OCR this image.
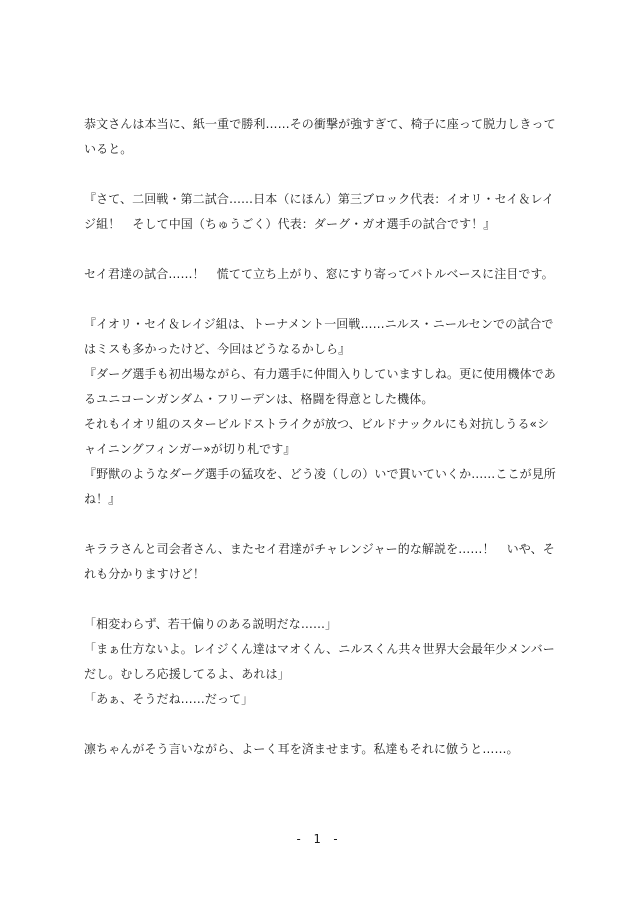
恭文さんは本当に、紙一重で勝利……その衝撃が強すぎて、椅子に座って脱力しきって
いると。
『さて、二回戦・第二試合……日本（にほん）第三ブロック代表：イオリ・セイ＆レイ
ジ組！　そして中国（ちゅうごく）代表：ダーグ・ガオ選手の試合です！』
セイ君達の試合……！　慌てて立ち上がり、窓にすり寄ってバトルベースに注目です。
『イオリ・セイ＆レイジ組は、トーナメント一回戦……ニルス・ニールセンでの試合で
はミスも多かったけど、今回はどうなるかしら』
『ダーグ選手も初出場ながら、有力選手に仲間入りしていますしね。更に使用機体であ
るユニコーンガンダム・フリーデンは、格闘を得意とした機体。
それもイオリ組のスタービルドストライクが放つ、ビルドナックルにも対抗しうる«シ
ャイニングフィンガー»が切り札です』
『野獣のようなダーグ選手の猛攻を、どう凌（しの）いで貫いていくか……ここが見所
ね！』
キララさんと司会者さん、またセイ君達がチャレンジャー的な解説を……！　いや、そ
れも分かりますけど！
「相変わらず、若干偏りのある説明だな……」
「まぁ仕方ないよ。レイジくん達はマオくん、ニルスくん共々世界大会最年少メンバー
だし。むしろ応援してるよ、あれは」
「あぁ、そうだね……だって」
凛ちゃんがそう言いながら、よーく耳を済ませます。私達もそれに倣うと……。
- 1 -
